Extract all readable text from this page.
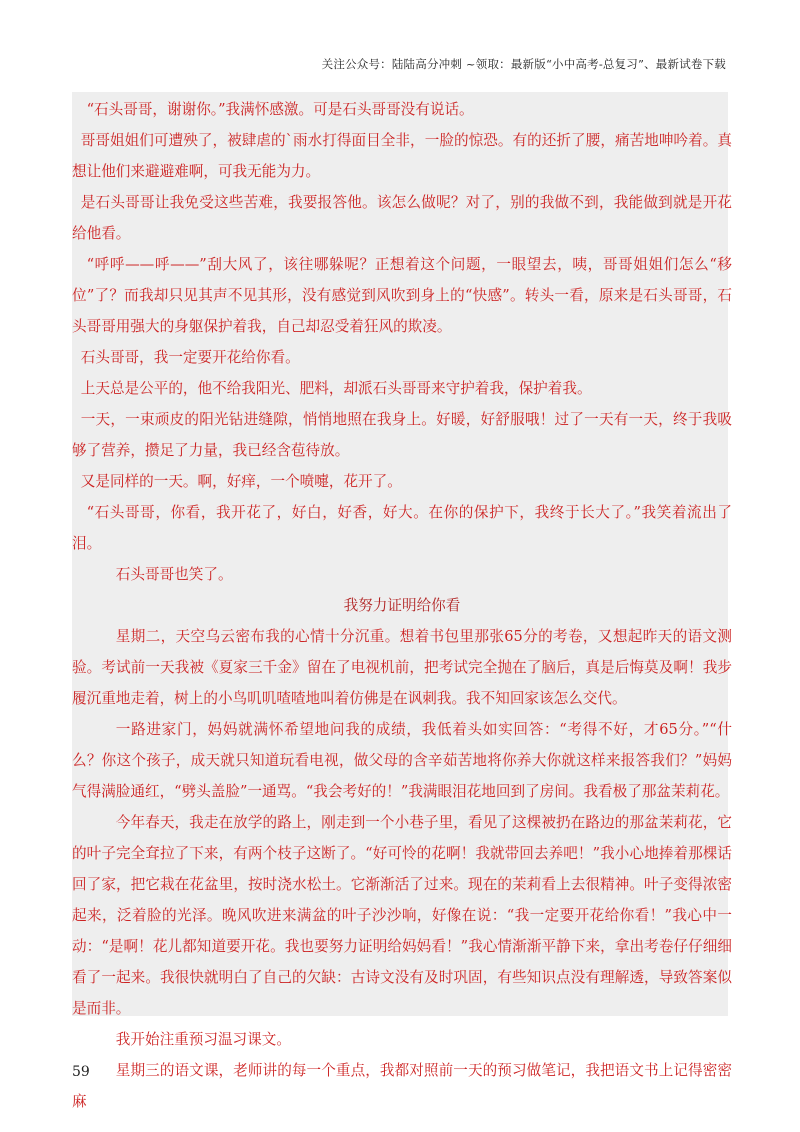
关注公众号：陆陆高分冲刺 ~领取：最新版“小中高考-总复习”、最新试卷下载

“石头哥哥，谢谢你。”我满怀感激。可是石头哥哥没有说话。

哥哥姐姐们可遭殃了，被肆虐的`雨水打得面目全非，一脸的惊恐。有的还折了腰，痛苦地呻吟着。真想让他们来避避难啊，可我无能为力。

是石头哥哥让我免受这些苦难，我要报答他。该怎么做呢？对了，别的我做不到，我能做到就是开花给他看。

“呼呼——呼——”刮大风了，该往哪躲呢？正想着这个问题，一眼望去，咦，哥哥姐姐们怎么“移位”了？而我却只见其声不见其形，没有感觉到风吹到身上的“快感”。转头一看，原来是石头哥哥，石头哥哥用强大的身躯保护着我，自己却忍受着狂风的欺凌。

石头哥哥，我一定要开花给你看。

上天总是公平的，他不给我阳光、肥料，却派石头哥哥来守护着我，保护着我。

一天，一束顽皮的阳光钻进缝隙，悄悄地照在我身上。好暖，好舒服哦！过了一天有一天，终于我吸够了营养，攒足了力量，我已经含苞待放。

又是同样的一天。啊，好痒，一个喷嚏，花开了。

“石头哥哥，你看，我开花了，好白，好香，好大。在你的保护下，我终于长大了。”我笑着流出了泪。

石头哥哥也笑了。

我努力证明给你看

星期二，天空乌云密布我的心情十分沉重。想着书包里那张65分的考卷，又想起昨天的语文测验。考试前一天我被《夏家三千金》留在了电视机前，把考试完全抛在了脑后，真是后悔莫及啊！我步履沉重地走着，树上的小鸟叽叽喳喳地叫着仿佛是在讽刺我。我不知回家该怎么交代。

一路进家门，妈妈就满怀希望地问我的成绩，我低着头如实回答：“考得不好，才65分。”“什么？你这个孩子，成天就只知道玩看电视，做父母的含辛茹苦地将你养大你就这样来报答我们？”妈妈气得满脸通红，“劈头盖脸”一通骂。“我会考好的！”我满眼泪花地回到了房间。我看极了那盆茉莉花。

今年春天，我走在放学的路上，刚走到一个小巷子里，看见了这棵被扔在路边的那盆茉莉花，它的叶子完全耷拉了下来，有两个枝子这断了。“好可怜的花啊！我就带回去养吧！”我小心地捧着那棵话回了家，把它栽在花盆里，按时浇水松土。它渐渐活了过来。现在的茉莉看上去很精神。叶子变得浓密起来，泛着脸的光泽。晚风吹进来满盆的叶子沙沙响，好像在说：“我一定要开花给你看！”我心中一动：“是啊！花儿都知道要开花。我也要努力证明给妈妈看！”我心情渐渐平静下来，拿出考卷仔仔细细看了一起来。我很快就明白了自己的欠缺：古诗文没有及时巩固，有些知识点没有理解透，导致答案似是而非。

我开始注重预习温习课文。

星期三的语文课，老师讲的每一个重点，我都对照前一天的预习做笔记，我把语文书上记得密密麻

59
